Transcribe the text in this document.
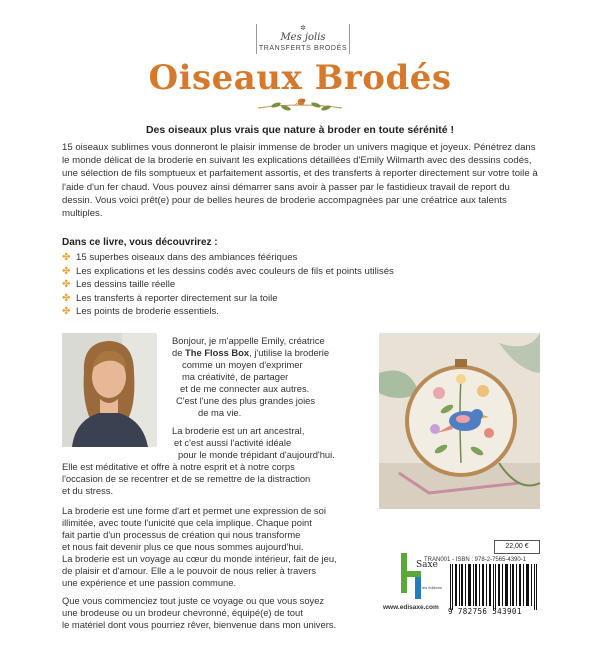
✲
Mes jolis
TRANSFERTS BRODÉS
Oiseaux Brodés
Des oiseaux plus vrais que nature à broder en toute sérénité !
15 oiseaux sublimes vous donneront le plaisir immense de broder un univers magique et joyeux. Pénétrez dans le monde délicat de la broderie en suivant les explications détaillées d'Emily Wilmarth avec des dessins codés, une sélection de fils somptueux et parfaitement assortis, et des transferts à reporter directement sur votre toile à l'aide d'un fer chaud. Vous pouvez ainsi démarrer sans avoir à passer par le fastidieux travail de report du dessin. Vous voici prêt(e) pour de belles heures de broderie accompagnées par une créatrice aux talents multiples.
Dans ce livre, vous découvrirez :
✤ 15 superbes oiseaux dans des ambiances féériques
✤ Les explications et les dessins codés avec couleurs de fils et points utilisés
✤ Les dessins taille réelle
✤ Les transferts à reporter directement sur la toile
✤ Les points de broderie essentiels.
Bonjour, je m'appelle Emily, créatrice
de The Floss Box, j'utilise la broderie
comme un moyen d'exprimer
ma créativité, de partager
et de me connecter aux autres.
C'est l'une des plus grandes joies
de ma vie.
La broderie est un art ancestral,
et c'est aussi l'activité idéale
pour le monde trépidant d'aujourd'hui.
Elle est méditative et offre à notre esprit et à notre corps
l'occasion de se recentrer et de se remettre de la distraction
et du stress.
La broderie est une forme d'art et permet une expression de soi
illimitée, avec toute l'unicité que cela implique. Chaque point
fait partie d'un processus de création qui nous transforme
et nous fait devenir plus ce que nous sommes aujourd'hui.
La broderie est un voyage au cœur du monde intérieur, fait de jeu,
de plaisir et d'amour. Elle a le pouvoir de nous relier à travers
une expérience et une passion commune.
Que vous commenciez tout juste ce voyage ou que vous soyez
une brodeuse ou un brodeur chevronné, équipé(e) de tout
le matériel dont vous pourriez rêver, bienvenue dans mon univers.
22,00 €
TRAN001 - ISBN : 978-2-7565-4390-1
9 782756 543901
Saxe
les éditions
www.edisaxe.com
